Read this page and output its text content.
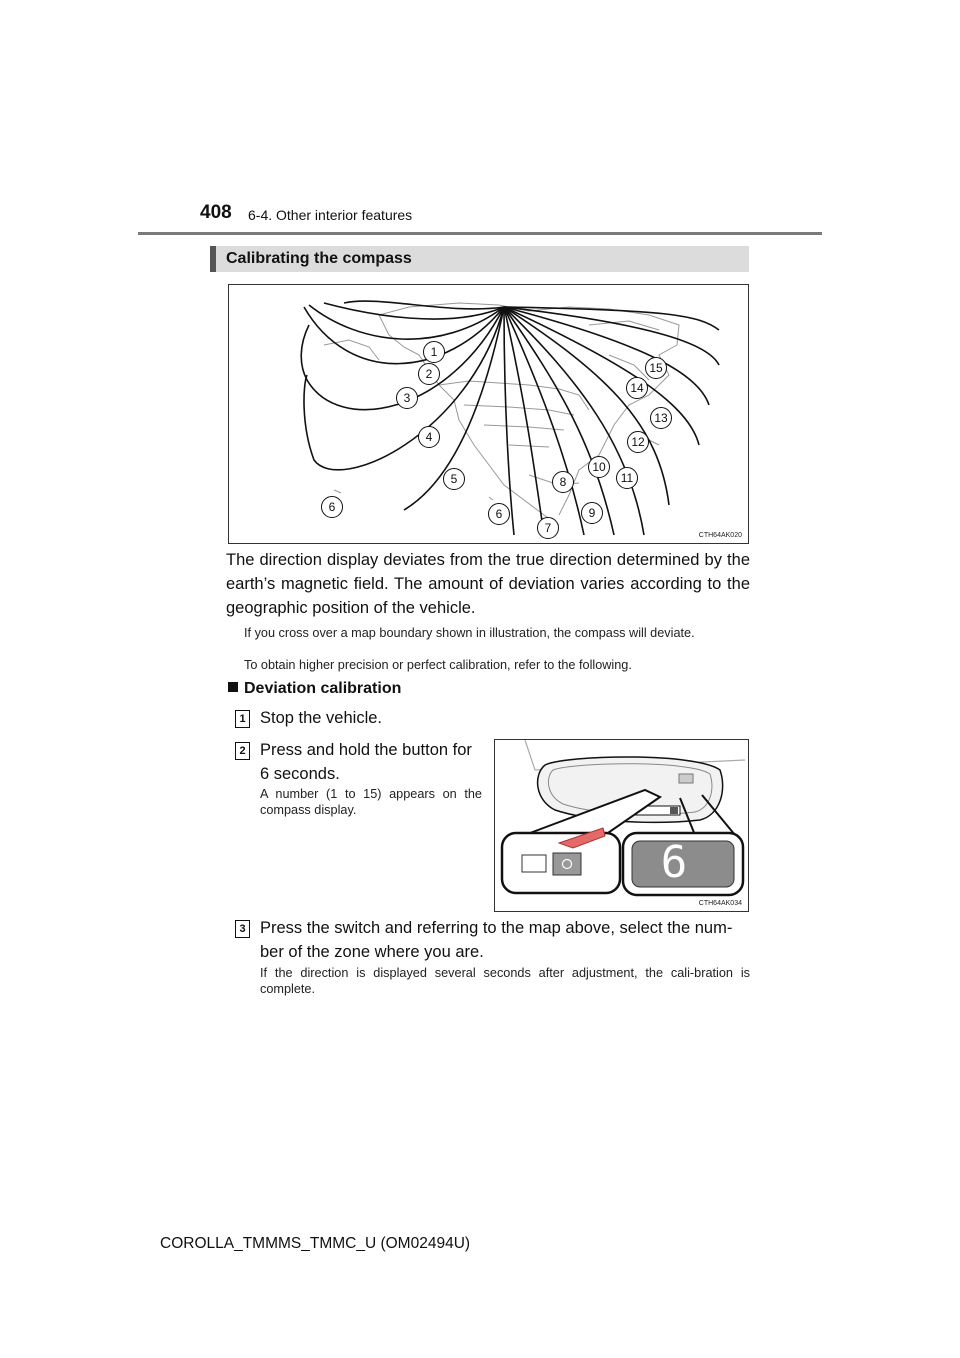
408 6-4. Other interior features
Calibrating the compass
1
2
3
4
5
6	6
7
8
9
10
11
12
13
14
15
CTH64AK020
The direction display deviates from the true direction determined by the earth’s magnetic field. The amount of deviation varies according to the geographic position of the vehicle.
If you cross over a map boundary shown in illustration, the compass will deviate.
To obtain higher precision or perfect calibration, refer to the following.
Deviation calibration
1 Stop the vehicle.
2 Press and hold the button for 6 seconds.
A number (1 to 15) appears on the compass display.
6
CTH64AK034
3 Press the switch and referring to the map above, select the num-ber of the zone where you are.
If the direction is displayed several seconds after adjustment, the cali-bration is complete.
COROLLA_TMMMS_TMMC_U (OM02494U)
